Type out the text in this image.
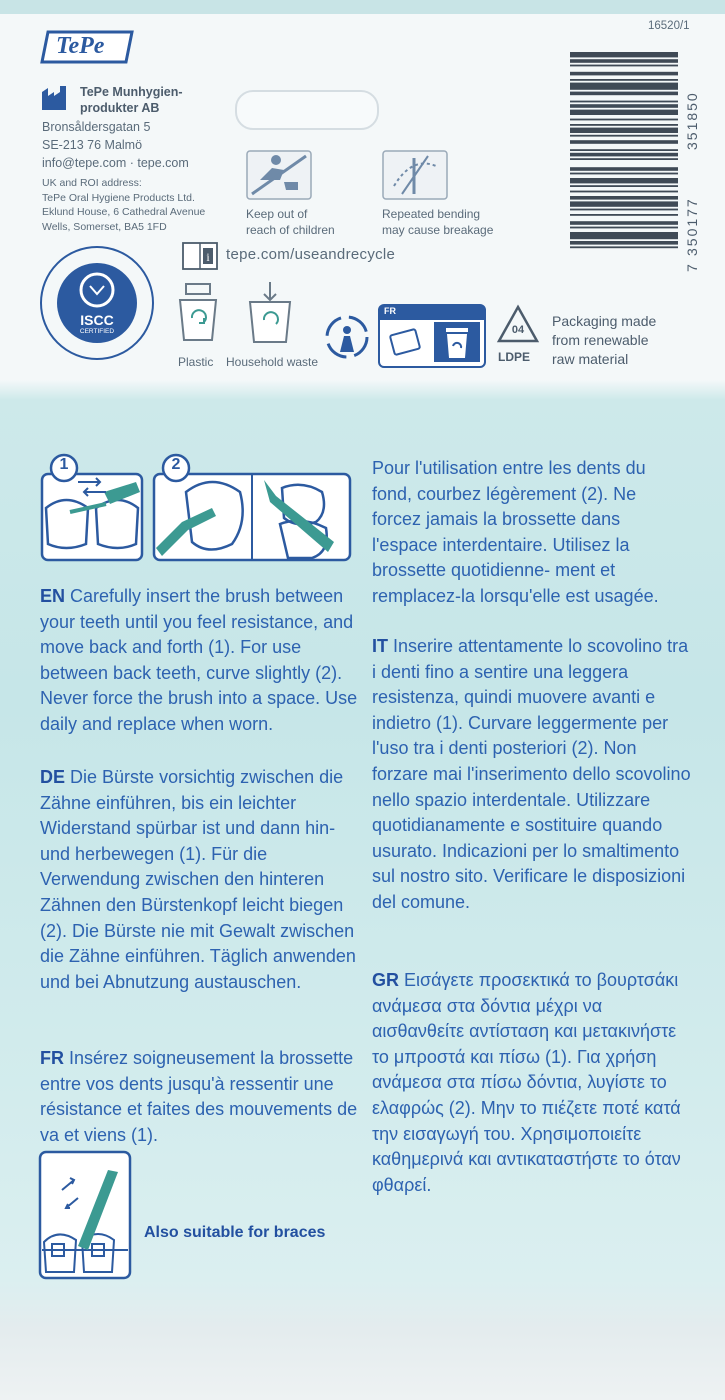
16520/1
TePe
TePe Munhygien-
produkter AB
Bronsåldersgatan 5
SE-213 76 Malmö
info@tepe.com · tepe.com
UK and ROI address:
TePe Oral Hygiene Products Ltd.
Eklund House, 6 Cathedral Avenue
Wells, Somerset, BA5 1FD
Keep out of
reach of children
Repeated bending
may cause breakage
7
350177
351850
ISCC
CERTIFIED
i tepe.com/useandrecycle
Plastic Household waste
FR
04
LDPE
Packaging made
from renewable
raw material
1	2
EN Carefully insert the brush between your teeth until you feel resistance, and move back and forth (1). For use between back teeth, curve slightly (2). Never force the brush into a space. Use daily and replace when worn.
DE Die Bürste vorsichtig zwischen die Zähne einführen, bis ein leichter Widerstand spürbar ist und dann hin- und herbewegen (1). Für die Verwendung zwischen den hinteren Zähnen den Bürstenkopf leicht biegen (2). Die Bürste nie mit Gewalt zwischen die Zähne einführen. Täglich anwenden und bei Abnutzung austauschen.
FR Insérez soigneusement la brossette entre vos dents jusqu'à ressentir une résistance et faites des mouvements de va et viens (1).
Pour l'utilisation entre les dents du fond, courbez légèrement (2). Ne forcez jamais la brossette dans l'espace interdentaire. Utilisez la brossette quotidienne- ment et remplacez-la lorsqu'elle est usagée.
IT Inserire attentamente lo scovolino tra i denti fino a sentire una leggera resistenza, quindi muovere avanti e indietro (1). Curvare leggermente per l'uso tra i denti posteriori (2). Non forzare mai l'inserimento dello scovolino nello spazio interdentale. Utilizzare quotidianamente e sostituire quando usurato. Indicazioni per lo smaltimento sul nostro sito. Verificare le disposizioni del comune.
GR Εισάγετε προσεκτικά το βουρτσάκι ανάμεσα στα δόντια μέχρι να αισθανθείτε αντίσταση και μετακινήστε το μπροστά και πίσω (1). Για χρήση ανάμεσα στα πίσω δόντια, λυγίστε το ελαφρώς (2). Μην το πιέζετε ποτέ κατά την εισαγωγή του. Χρησιμοποιείτε καθημερινά και αντικαταστήστε το όταν φθαρεί.
Also suitable for braces
